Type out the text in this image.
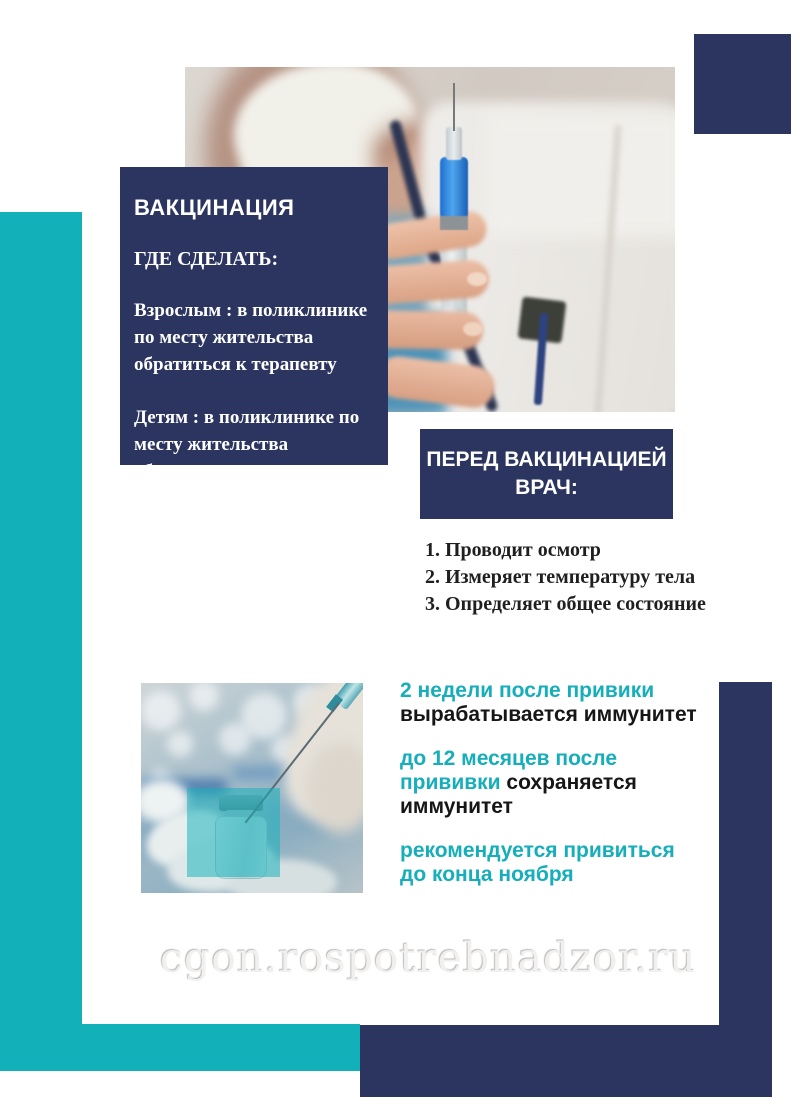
ВАКЦИНАЦИЯ
ГДЕ СДЕЛАТЬ:
Взрослым : в поликлинике
по месту жительства
обратиться к терапевту
Детям : в поликлинике по
месту жительства
обратиться к педиатру
ПЕРЕД ВАКЦИНАЦИЕЙ
ВРАЧ:
1. Проводит осмотр
2. Измеряет температуру тела
3. Определяет общее состояние
2 недели после привики
вырабатывается иммунитет
до 12 месяцев после
прививки сохраняется
иммунитет
рекомендуется привиться
до конца ноября
cgon.rospotrebnadzor.ru
